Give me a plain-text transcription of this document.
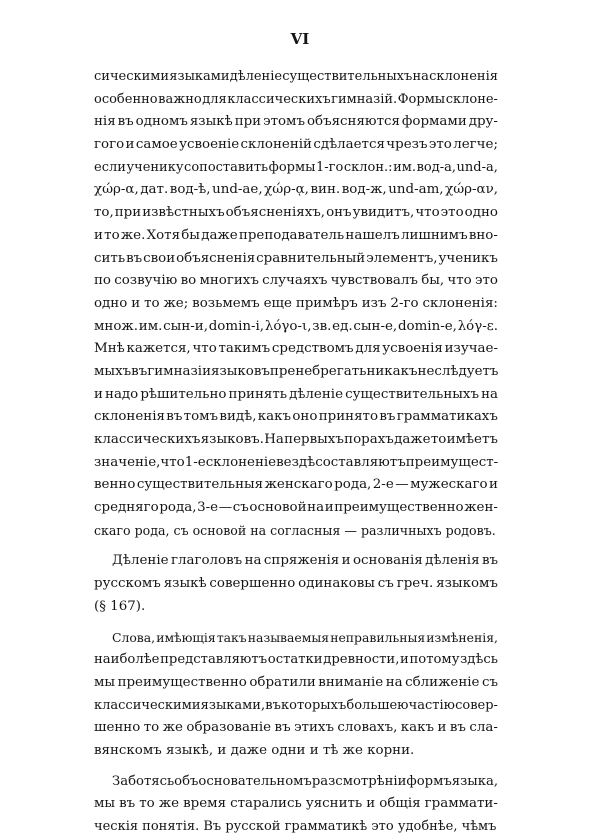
VI
сическими языками дѣленіе существительныхъ на склоненія
особенно важно для классическихъ гимназій. Формы склоне-
нія въ одномъ языкѣ при этомъ объясняются формами дру-
гого и самое усвоеніе склоненій сдѣлается чрезъ это легче;
если ученику сопоставить формы 1-го склон.: им. вод-а, und-a,
χώρ-α, дат. вод-ѣ, und-ae, χώρ-ᾳ, вин. вод-ж, und-am, χώρ-αν,
то, при извѣстныхъ объясненіяхъ, онъ увидитъ, что это одно
и то же. Хотя бы даже преподаватель нашелъ лишнимъ вно-
сить въ свои объясненія сравнительный элементъ, ученикъ
по созвучію во многихъ случаяхъ чувствовалъ бы, что это
одно и то же; возьмемъ еще примѣръ изъ 2-го склоненія:
множ. им. сын-и, domin-i, λόγο-ι, зв. ед. сын-е, domin-e, λόγ-ε.
Мнѣ кажется, что такимъ средствомъ для усвоенія изучае-
мыхъ въ гимназіи языковъ пренебрегать никакъ не слѣдуетъ
и надо рѣшительно принять дѣленіе существительныхъ на
склоненія въ томъ видѣ, какъ оно принято въ грамматикахъ
классическихъ языковъ. На первыхъ порахъ даже то имѣетъ
значеніе, что 1-е склоненіе вездѣ составляютъ преимущест-
венно существительныя женскаго рода, 2-е — мужескаго и
средняго рода, 3-е — съ основой на и преимущественно жен-
скаго рода, съ основой на согласныя — различныхъ родовъ.
Дѣленіе глаголовъ на спряженія и основанія дѣленія въ
русскомъ языкѣ совершенно одинаковы съ греч. языкомъ
(§ 167).
Слова, имѣющія такъ называемыя неправильныя измѣненія,
наиболѣе представляютъ остатки древности, и потому здѣсь
мы преимущественно обратили вниманіе на сближеніе съ
классическими языками, въ которыхъ большею частію совер-
шенно то же образованіе въ этихъ словахъ, какъ и въ сла-
вянскомъ языкѣ, и даже одни и тѣ же корни.
Заботясь объ основательномъ разсмотрѣніи формъ языка,
мы въ то же время старались уяснить и общія граммати-
ческія понятія. Въ русской грамматикѣ это удобнѣе, чѣмъ
